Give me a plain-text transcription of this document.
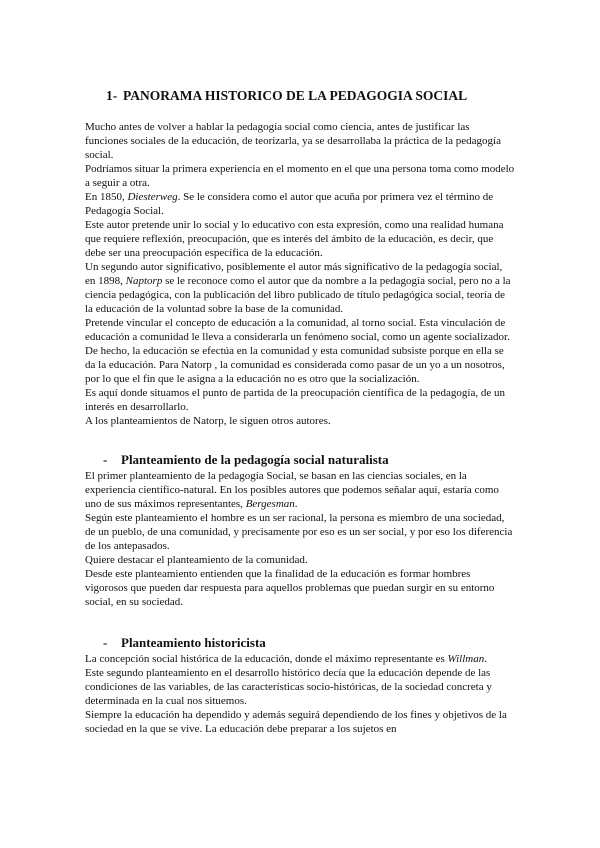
1- PANORAMA HISTORICO DE LA PEDAGOGIA SOCIAL

Mucho antes de volver a hablar la pedagogía social como ciencia, antes de justificar las funciones sociales de la educación, de teorizarla, ya se desarrollaba la práctica de la pedagogía social.

Podríamos situar la primera experiencia en el momento en el que una persona toma como modelo a seguir a otra.

En 1850, Diesterweg. Se le considera como el autor que acuña por primera vez el término de Pedagogía Social.

Este autor pretende unir lo social y lo educativo con esta expresión, como una realidad humana que requiere reflexión, preocupación, que es interés del ámbito de la educación, es decir, que debe ser una preocupación específica de la educación.

Un segundo autor significativo, posiblemente el autor más significativo de la pedagogía social, en 1898, Naptorp se le reconoce como el autor que da nombre a la pedagogía social, pero no a la ciencia pedagógica, con la publicación del libro publicado de título pedagógica social, teoría de la educación de la voluntad sobre la base de la comunidad.

Pretende vincular el concepto de educación a la comunidad, al torno social. Esta vinculación de educación a comunidad le lleva a considerarla un fenómeno social, como un agente socializador. De hecho, la educación se efectúa en la comunidad y esta comunidad subsiste porque en ella se da la educación. Para Natorp , la comunidad es considerada como pasar de un yo a un nosotros, por lo que el fin que le asigna a la educación no es otro que la socialización.

Es aquí donde situamos el punto de partida de la preocupación científica de la pedagogía, de un interés en desarrollarlo.

A los planteamientos de Natorp, le siguen otros autores.

- Planteamiento de la pedagogía social naturalista

El primer planteamiento de la pedagogía Social, se basan en las ciencias sociales, en la experiencia científico-natural. En los posibles autores que podemos señalar aquí, estaría como uno de sus máximos representantes, Bergesman.

Según este planteamiento el hombre es un ser racional, la persona es miembro de una sociedad, de un pueblo, de una comunidad, y precisamente por eso es un ser social, y por eso los diferencia de los antepasados.

Quiere destacar el planteamiento de la comunidad.

Desde este planteamiento entienden que la finalidad de la educación es formar hombres vigorosos que pueden dar respuesta para aquellos problemas que puedan surgir en su entorno social, en su sociedad.

- Planteamiento historicista

La concepción social histórica de la educación, donde el máximo representante es Willman.

Este segundo planteamiento en el desarrollo histórico decía que la educación depende de las condiciones de las variables, de las características socio-históricas, de la sociedad concreta y determinada en la cual nos situemos.

Siempre la educación ha dependido y además seguirá dependiendo de los fines y objetivos de la sociedad en la que se vive. La educación debe preparar a los sujetos en
